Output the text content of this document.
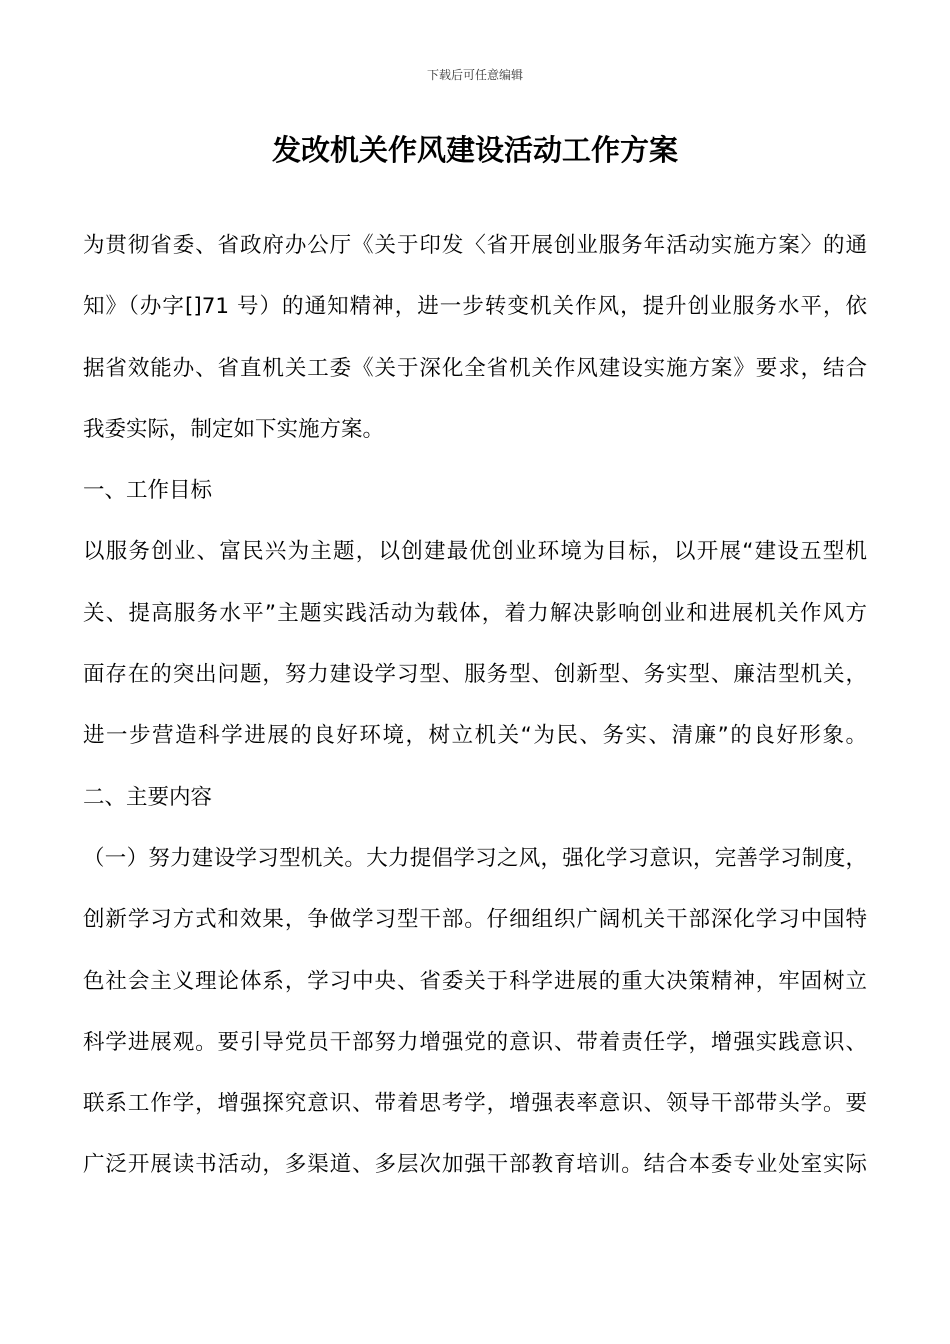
下载后可任意编辑
发改机关作风建设活动工作方案
为贯彻省委、省政府办公厅《关于印发〈省开展创业服务年活动实施方案〉的通
知》（办字[]71 号）的通知精神，进一步转变机关作风，提升创业服务水平，依
据省效能办、省直机关工委《关于深化全省机关作风建设实施方案》要求，结合
我委实际，制定如下实施方案。
一、工作目标
以服务创业、富民兴为主题，以创建最优创业环境为目标，以开展“建设五型机
关、提高服务水平”主题实践活动为载体，着力解决影响创业和进展机关作风方
面存在的突出问题，努力建设学习型、服务型、创新型、务实型、廉洁型机关，
进一步营造科学进展的良好环境，树立机关“为民、务实、清廉”的良好形象。
二、主要内容
（一）努力建设学习型机关。大力提倡学习之风，强化学习意识，完善学习制度，
创新学习方式和效果，争做学习型干部。仔细组织广阔机关干部深化学习中国特
色社会主义理论体系，学习中央、省委关于科学进展的重大决策精神，牢固树立
科学进展观。要引导党员干部努力增强党的意识、带着责任学，增强实践意识、
联系工作学，增强探究意识、带着思考学，增强表率意识、领导干部带头学。要
广泛开展读书活动，多渠道、多层次加强干部教育培训。结合本委专业处室实际
